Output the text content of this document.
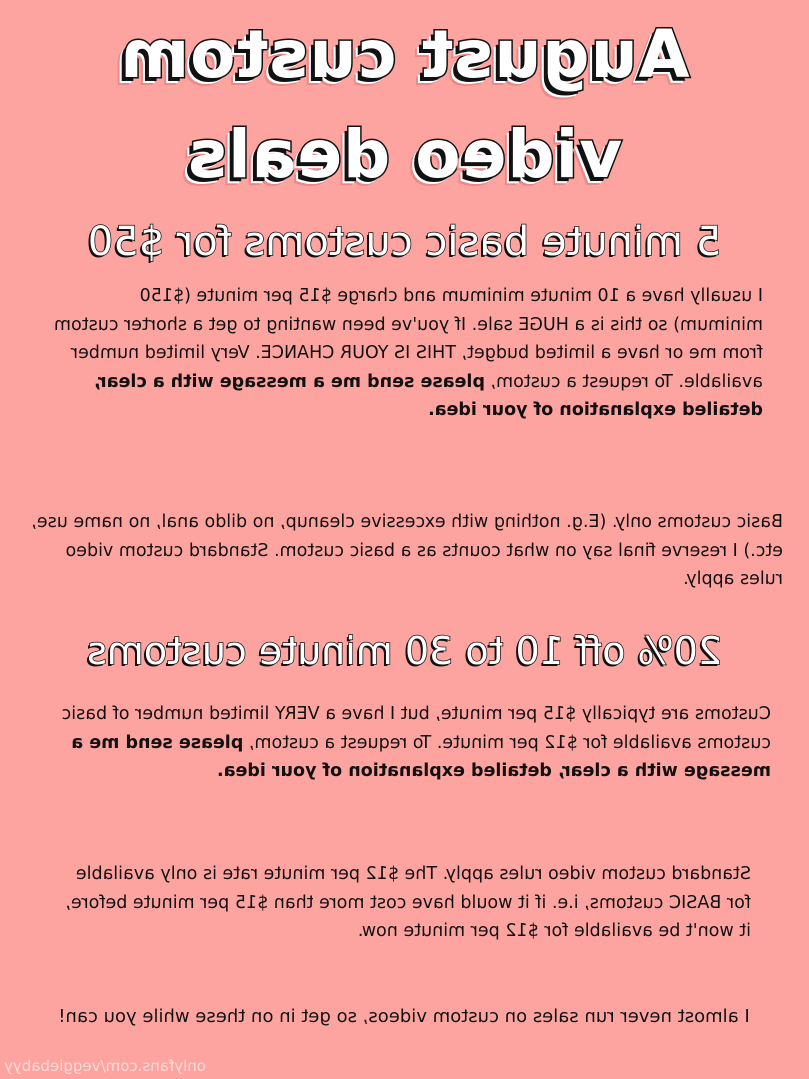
August custom
video deals
5 minute basic customs for $50
I usually have a 10 minute minimum and charge $15 per minute ($150 minimum) so this is a HUGE sale. If you've been wanting to get a shorter custom from me or have a limited budget, THIS IS YOUR CHANCE. Very limited number available. To request a custom, please send me a message with a clear, detailed explanation of your idea.
Basic customs only. (E.g. nothing with excessive cleanup, no dildo anal, no name use, etc.) I reserve final say on what counts as a basic custom. Standard custom video rules apply.
20% off 10 to 30 minute customs
Customs are typically $15 per minute, but I have a VERY limited number of basic customs available for $12 per minute. To request a custom, please send me a message with a clear, detailed explanation of your idea.
Standard custom video rules apply. The $12 per minute rate is only available for BASIC customs, i.e. if it would have cost more than $15 per minute before, it won't be available for $12 per minute now.
I almost never run sales on custom videos, so get in on these while you can!
onlyfans.com/veggiebabyy
